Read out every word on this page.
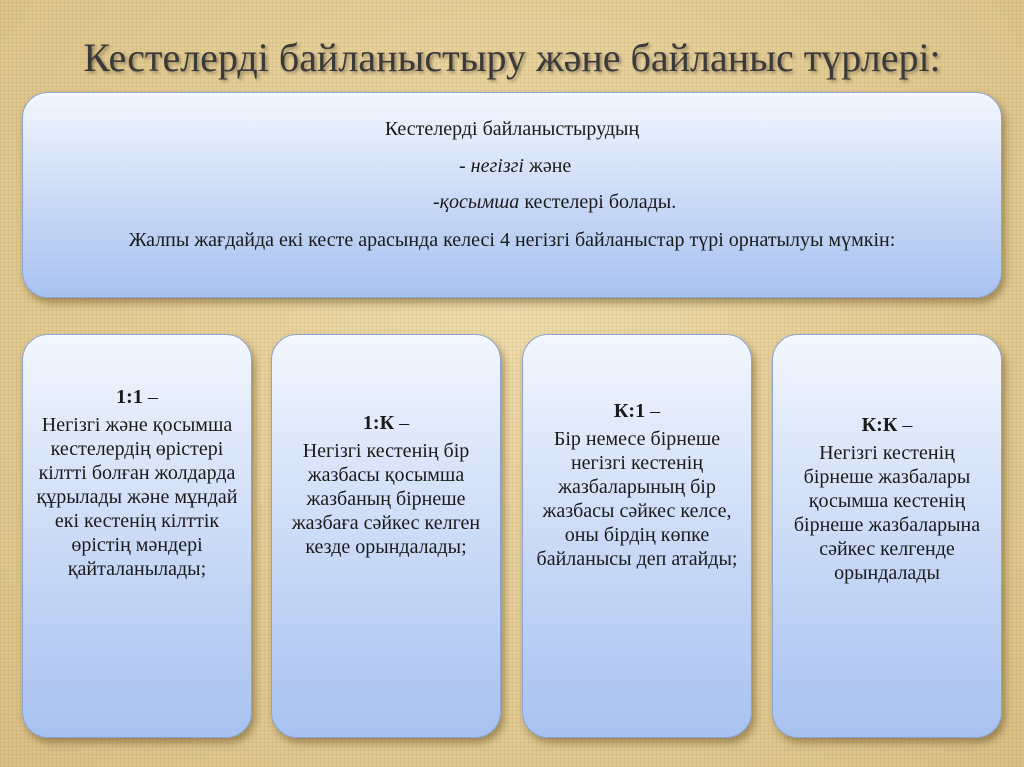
Кестелерді байланыстыру және байланыс түрлері:
Кестелерді байланыстырудың
- негізгі және
-қосымша кестелері болады.
Жалпы жағдайда екі кесте арасында келесі 4 негізгі байланыстар түрі орнатылуы мүмкін:
1:1 –
Негізгі және қосымша кестелердің өрістері кілтті болған жолдарда құрылады және мұндай екі кестенің кілттік өрістің мәндері қайталанылады;
1:К –
Негізгі кестенің бір жазбасы қосымша жазбаның бірнеше жазбаға сәйкес келген кезде орындалады;
К:1 –
Бір немесе бірнеше негізгі кестенің жазбаларының бір жазбасы сәйкес келсе, оны бірдің көпке байланысы деп атайды;
К:К –
Негізгі кестенің бірнеше жазбалары қосымша кестенің бірнеше жазбаларына сәйкес келгенде орындалады
